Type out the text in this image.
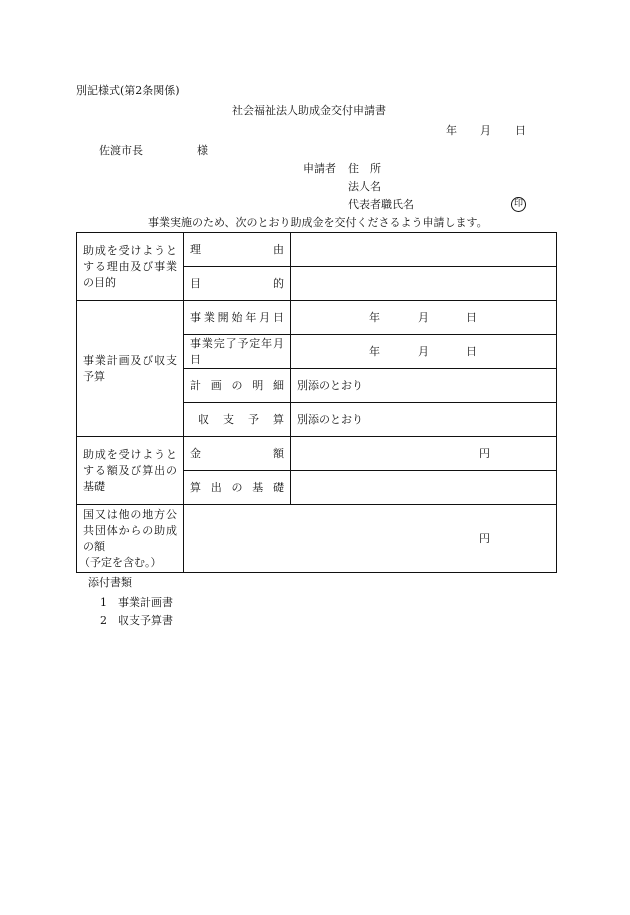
別記様式(第2条関係)
社会福祉法人助成金交付申請書
年 月 日
佐渡市長	様
申請者 住　所
法人名
代表者職氏名	印
事業実施のため、次のとおり助成金を交付くださるよう申請します。
助成を受けようとする理由及び事業の目的	理由	
	目的	
事業計画及び収支予算	事業開始年月日	年 月 日

	事業完了予定年月日	年 月 日

	計画の明細	別添のとおり
	収支予算	別添のとおり
助成を受けようとする額及び算出の基礎	金額	円

	算出の基礎	

国又は他の地方公共団体からの助成の額
（予定を含む。）	円	
添付書類
1 事業計画書
2 収支予算書
